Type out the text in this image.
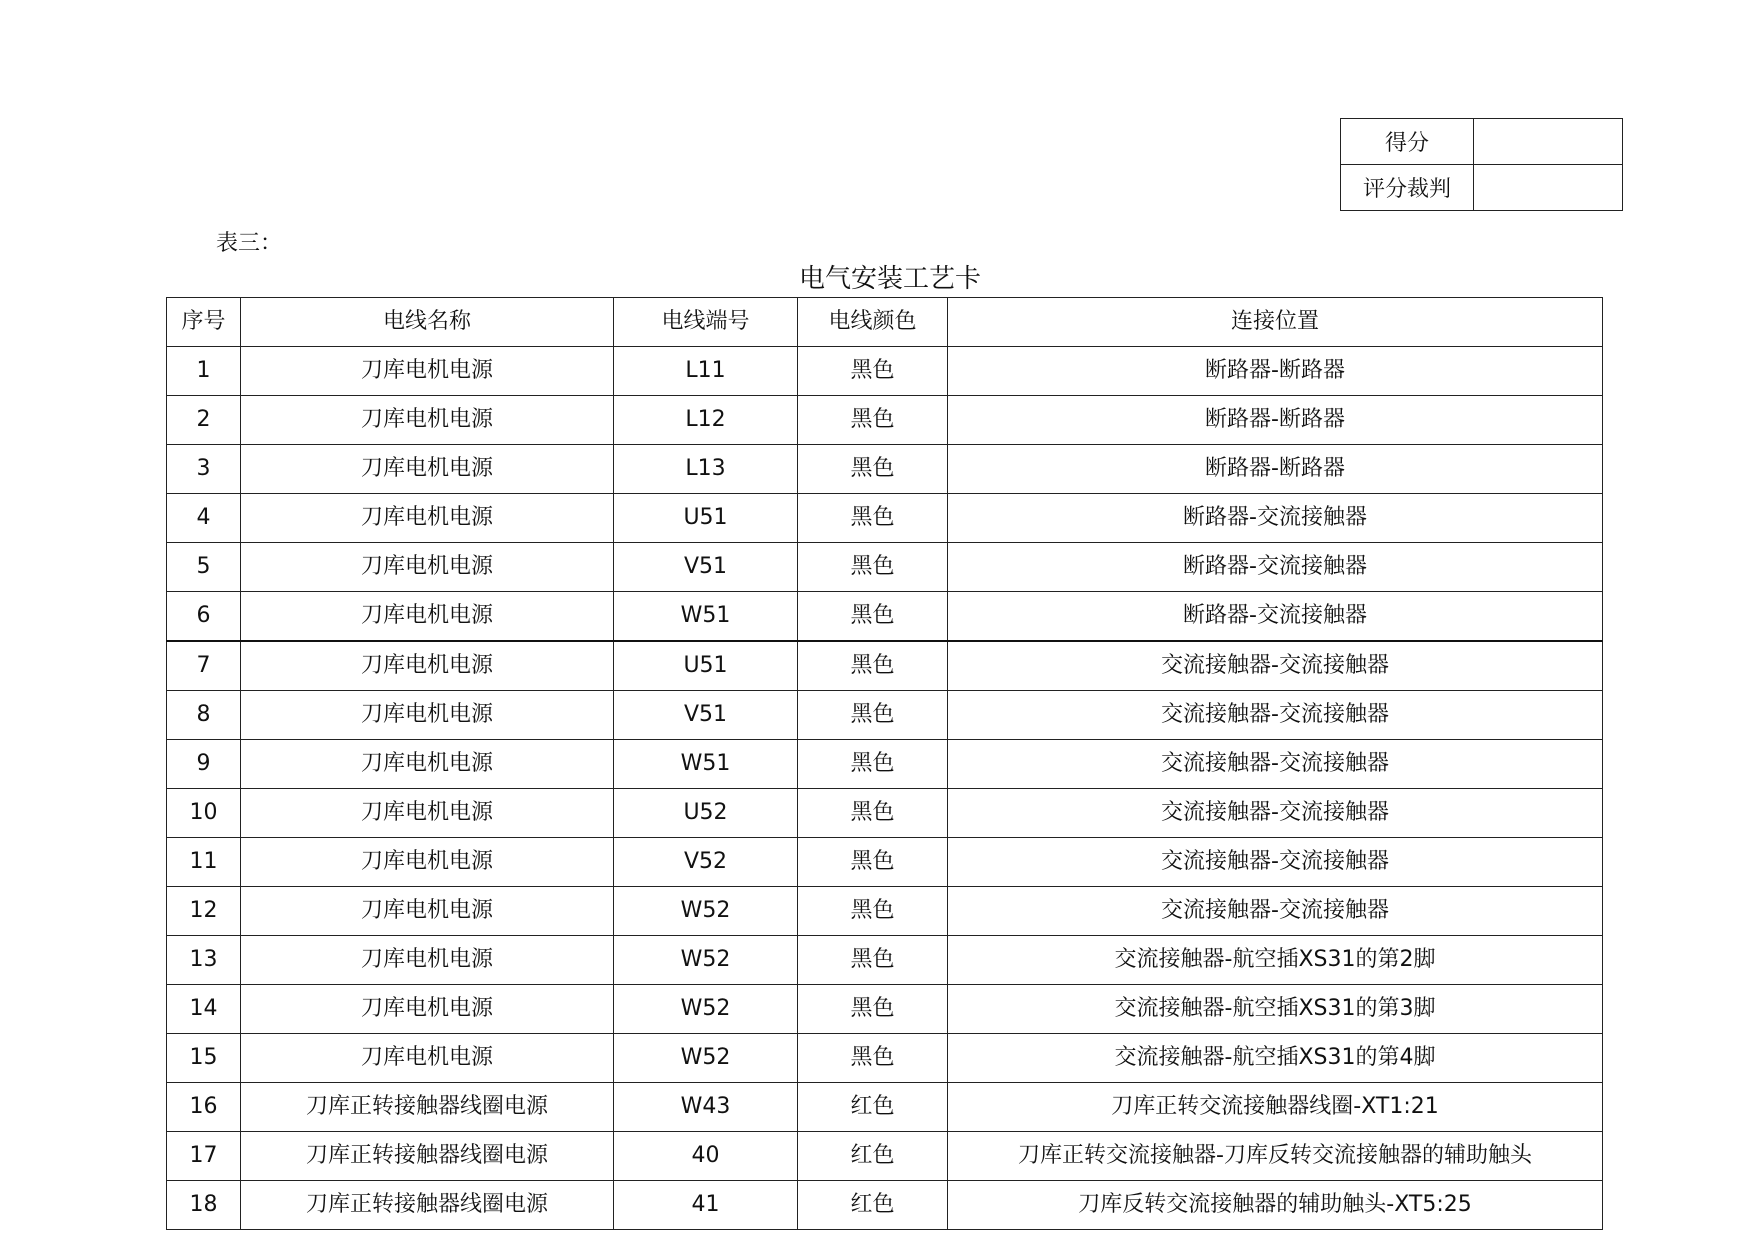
得分	
评分裁判	
表三：
电气安装工艺卡
序号	电线名称	电线端号	电线颜色	连接位置
1	刀库电机电源	L11	黑色	断路器-断路器
2	刀库电机电源	L12	黑色	断路器-断路器
3	刀库电机电源	L13	黑色	断路器-断路器
4	刀库电机电源	U51	黑色	断路器-交流接触器
5	刀库电机电源	V51	黑色	断路器-交流接触器
6	刀库电机电源	W51	黑色	断路器-交流接触器
7	刀库电机电源	U51	黑色	交流接触器-交流接触器
8	刀库电机电源	V51	黑色	交流接触器-交流接触器
9	刀库电机电源	W51	黑色	交流接触器-交流接触器
10	刀库电机电源	U52	黑色	交流接触器-交流接触器
11	刀库电机电源	V52	黑色	交流接触器-交流接触器
12	刀库电机电源	W52	黑色	交流接触器-交流接触器
13	刀库电机电源	W52	黑色	交流接触器-航空插XS31的第2脚
14	刀库电机电源	W52	黑色	交流接触器-航空插XS31的第3脚
15	刀库电机电源	W52	黑色	交流接触器-航空插XS31的第4脚
16	刀库正转接触器线圈电源	W43	红色	刀库正转交流接触器线圈-XT1:21
17	刀库正转接触器线圈电源	40	红色	刀库正转交流接触器-刀库反转交流接触器的辅助触头
18	刀库正转接触器线圈电源	41	红色	刀库反转交流接触器的辅助触头-XT5:25
